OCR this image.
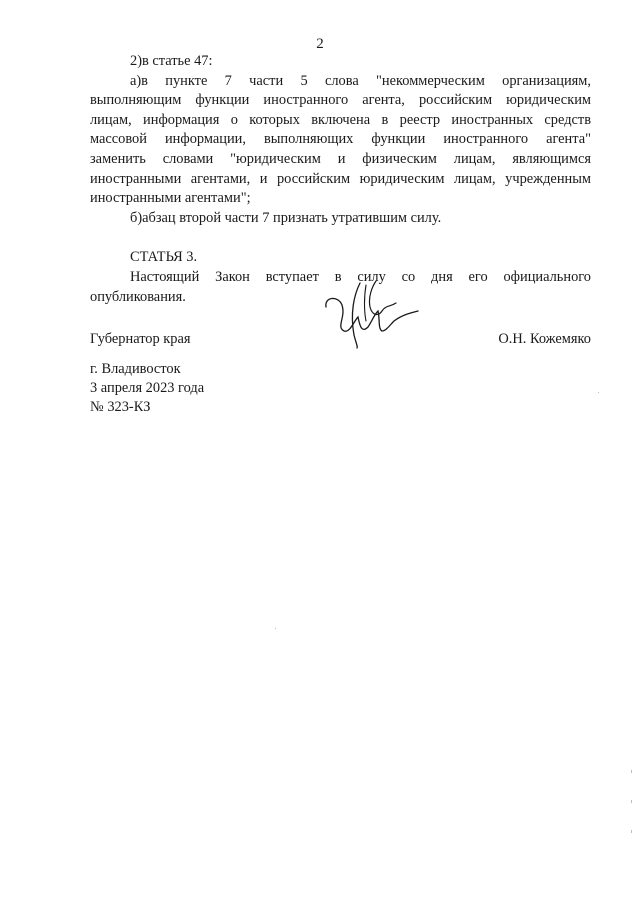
2

2)в статье 47:

а)в пункте 7 части 5 слова "некоммерческим организациям,
выполняющим функции иностранного агента, российским юридическим
лицам, информация о которых включена в реестр иностранных средств
массовой информации, выполняющих функции иностранного агента"
заменить словами "юридическим и физическим лицам, являющимся
иностранными агентами, и российским юридическим лицам, учрежденным
иностранными агентами";

б)абзац второй части 7 признать утратившим силу.

СТАТЬЯ 3.

Настоящий Закон вступает в силу со дня его официального
опубликования.

Губернатор края	О.Н. Кожемяко
г. Владивосток
3 апреля 2023 года
№ 323-КЗ
